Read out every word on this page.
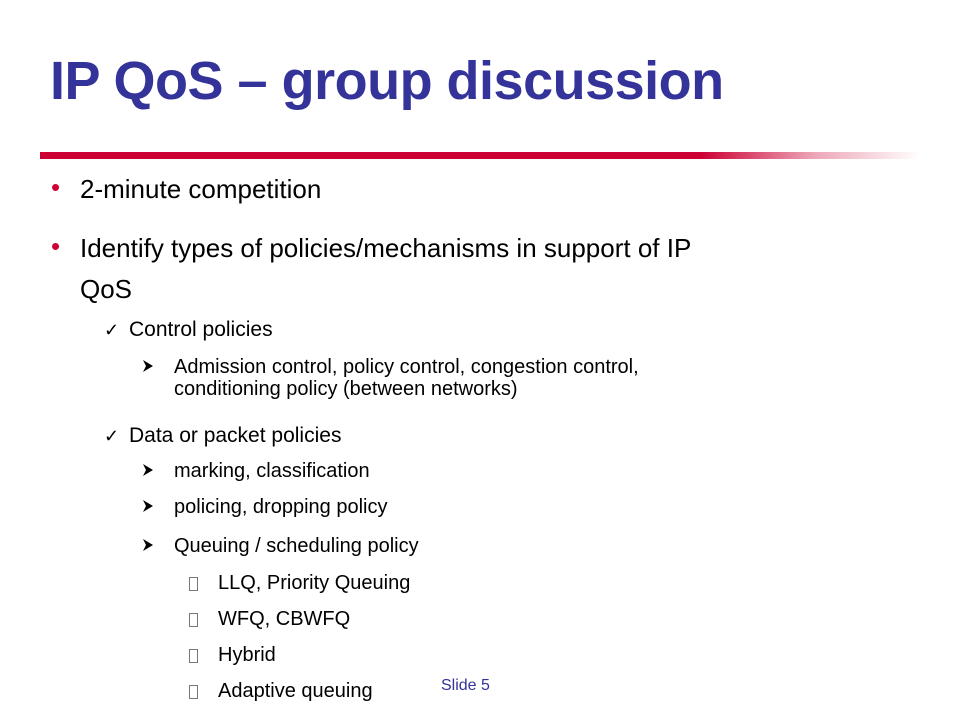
IP QoS – group discussion
• 2-minute competition
• Identify types of policies/mechanisms in support of IP
QoS
✓ Control policies
Admission control, policy control, congestion control,
conditioning policy (between networks)
✓ Data or packet policies
marking, classification
policing, dropping policy
Queuing / scheduling policy
LLQ, Priority Queuing
WFQ, CBWFQ
Hybrid
Adaptive queuing	Slide 5
